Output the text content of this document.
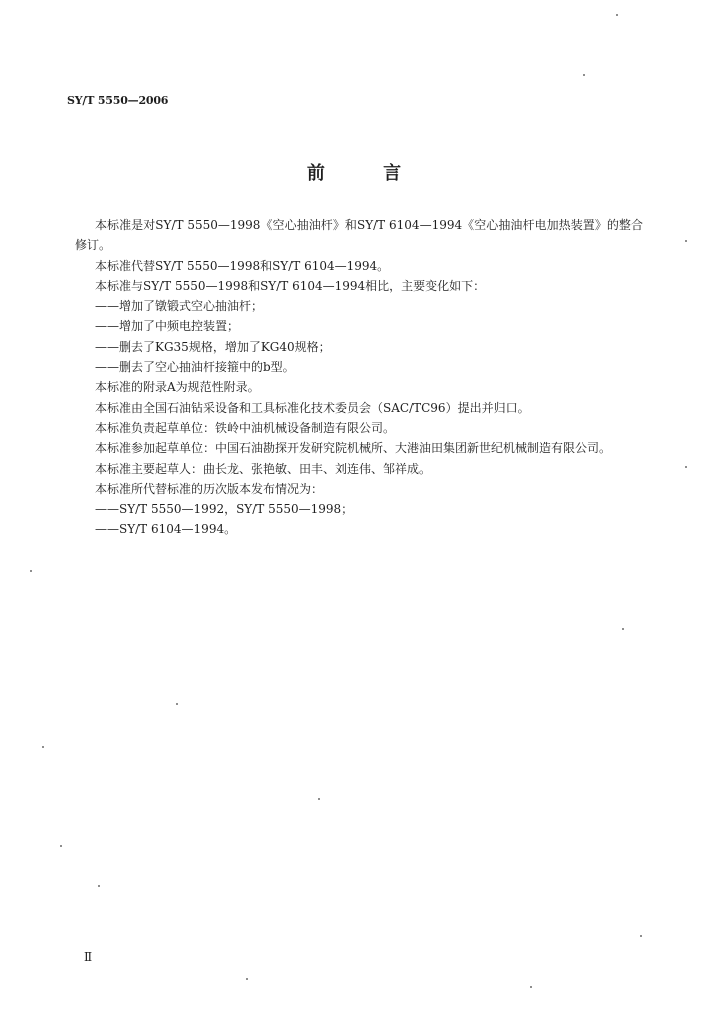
SY/T 5550—2006
前 言

本标准是对SY/T 5550—1998《空心抽油杆》和SY/T 6104—1994《空心抽油杆电加热装置》的整合修订。

本标准代替SY/T 5550—1998和SY/T 6104—1994。

本标准与SY/T 5550—1998和SY/T 6104—1994相比，主要变化如下：

——增加了镦锻式空心抽油杆；

——增加了中频电控装置；

——删去了KG35规格，增加了KG40规格；

——删去了空心抽油杆接箍中的b型。

本标准的附录A为规范性附录。

本标准由全国石油钻采设备和工具标准化技术委员会（SAC/TC96）提出并归口。

本标准负责起草单位：铁岭中油机械设备制造有限公司。

本标准参加起草单位：中国石油勘探开发研究院机械所、大港油田集团新世纪机械制造有限公司。

本标准主要起草人：曲长龙、张艳敏、田丰、刘连伟、邹祥成。

本标准所代替标准的历次版本发布情况为：

——SY/T 5550—1992，SY/T 5550—1998；

——SY/T 6104—1994。

Ⅱ
